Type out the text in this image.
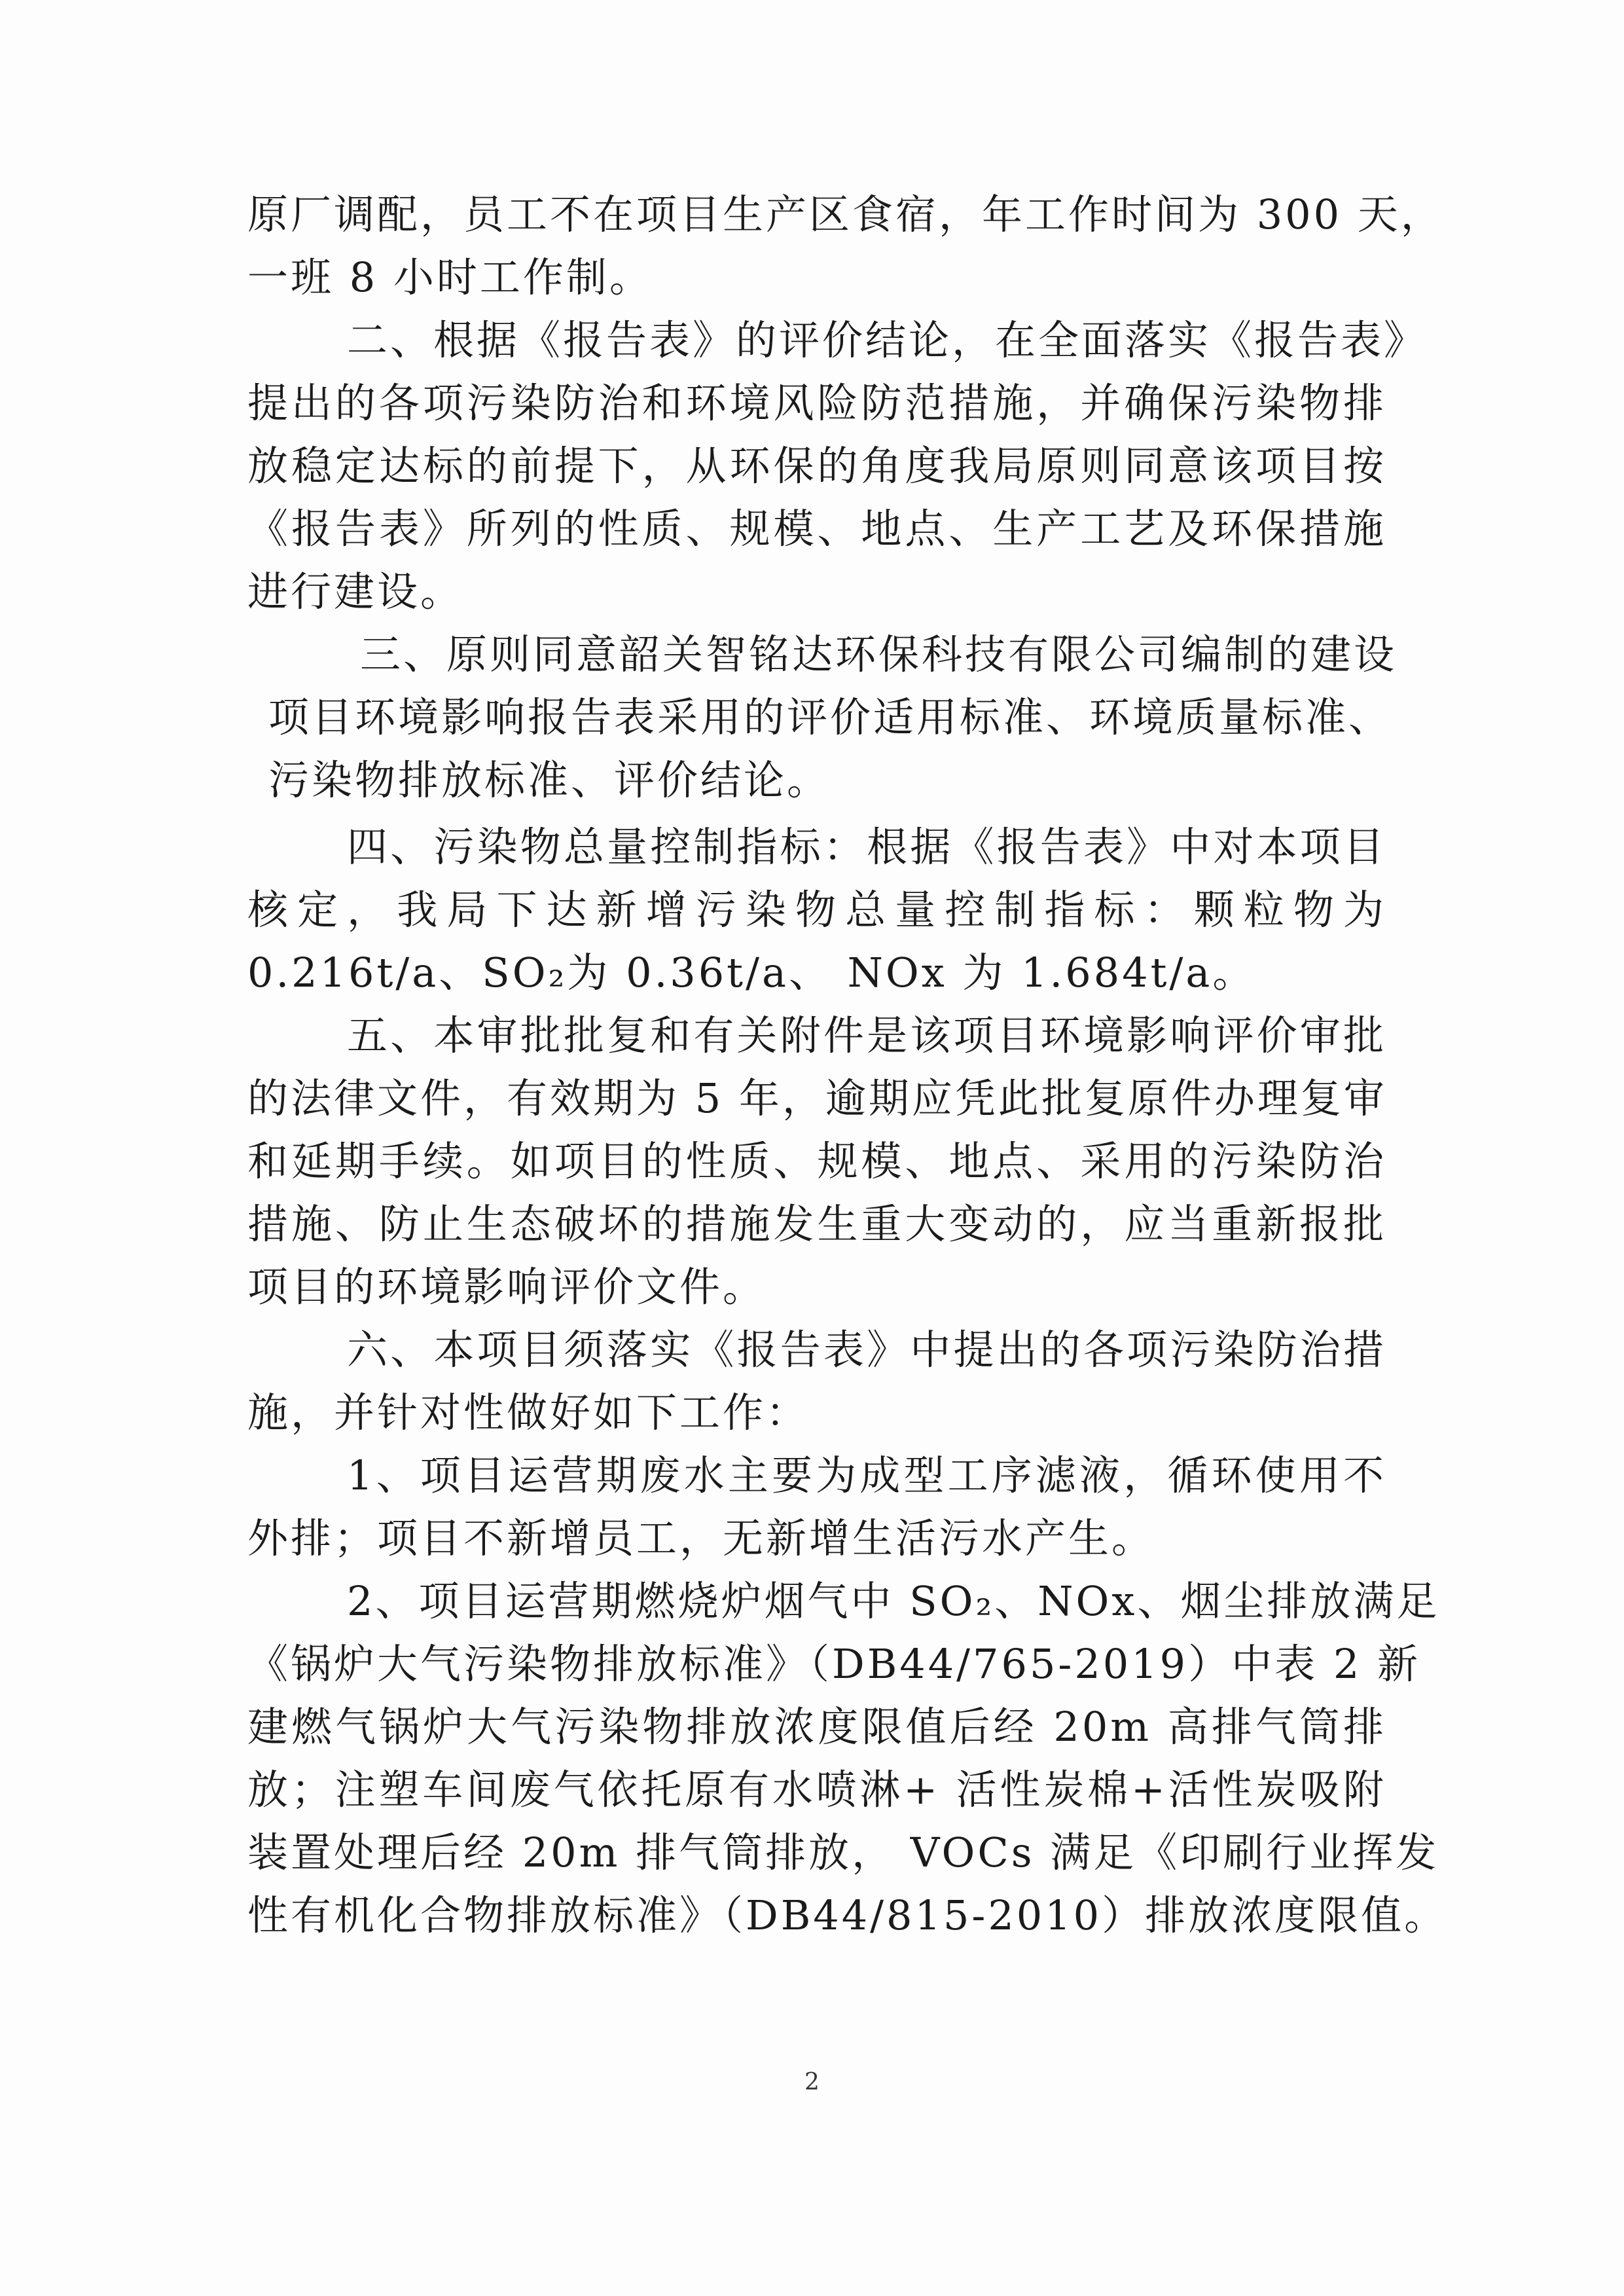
原厂调配，员工不在项目生产区食宿，年工作时间为 300 天，
一班 8 小时工作制。
二、根据《报告表》的评价结论，在全面落实《报告表》
提出的各项污染防治和环境风险防范措施，并确保污染物排
放稳定达标的前提下，从环保的角度我局原则同意该项目按
《报告表》所列的性质、规模、地点、生产工艺及环保措施
进行建设。
三、原则同意韶关智铭达环保科技有限公司编制的建设
项目环境影响报告表采用的评价适用标准、环境质量标准、
污染物排放标准、评价结论。
四、污染物总量控制指标：根据《报告表》中对本项目
核定，我局下达新增污染物总量控制指标：颗粒物为
0.216t/a、SO₂为 0.36t/a、 NOx 为 1.684t/a。
五、本审批批复和有关附件是该项目环境影响评价审批
的法律文件，有效期为 5 年，逾期应凭此批复原件办理复审
和延期手续。如项目的性质、规模、地点、采用的污染防治
措施、防止生态破坏的措施发生重大变动的，应当重新报批
项目的环境影响评价文件。
六、本项目须落实《报告表》中提出的各项污染防治措
施，并针对性做好如下工作：
1、项目运营期废水主要为成型工序滤液，循环使用不
外排；项目不新增员工，无新增生活污水产生。
2、项目运营期燃烧炉烟气中 SO₂、NOx、烟尘排放满足
《锅炉大气污染物排放标准》（DB44/765-2019）中表 2 新
建燃气锅炉大气污染物排放浓度限值后经 20m 高排气筒排
放；注塑车间废气依托原有水喷淋+ 活性炭棉+活性炭吸附
装置处理后经 20m 排气筒排放， VOCs 满足《印刷行业挥发
性有机化合物排放标准》（DB44/815-2010）排放浓度限值。
2
